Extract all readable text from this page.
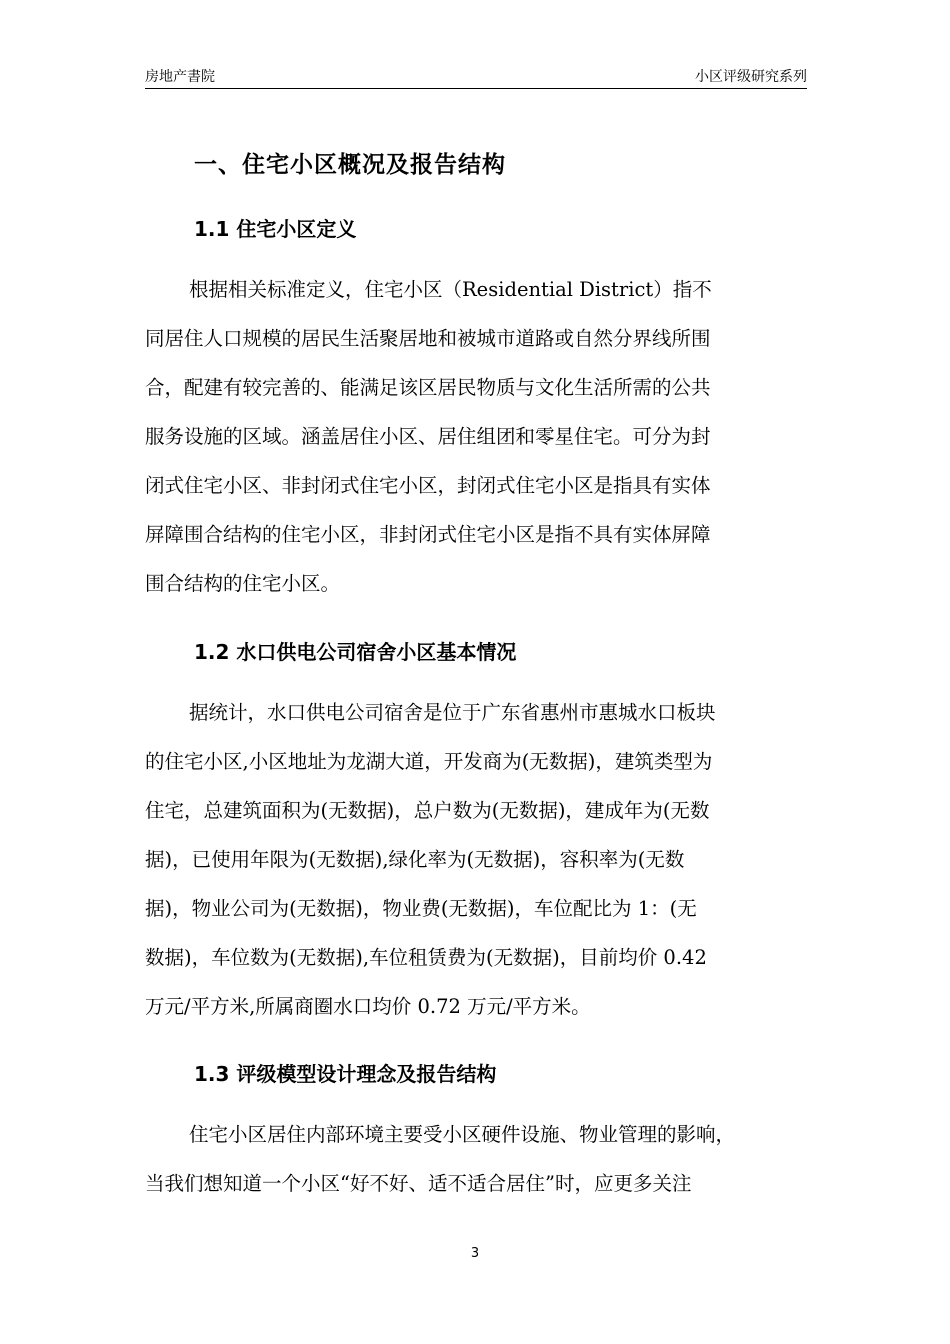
房地产書院	小区评级研究系列
一、住宅小区概况及报告结构
1.1 住宅小区定义
根据相关标准定义，住宅小区（Residential District）指不
同居住人口规模的居民生活聚居地和被城市道路或自然分界线所围
合，配建有较完善的、能满足该区居民物质与文化生活所需的公共
服务设施的区域。涵盖居住小区、居住组团和零星住宅。可分为封
闭式住宅小区、非封闭式住宅小区，封闭式住宅小区是指具有实体
屏障围合结构的住宅小区，非封闭式住宅小区是指不具有实体屏障
围合结构的住宅小区。
1.2 水口供电公司宿舍小区基本情况
据统计，水口供电公司宿舍是位于广东省惠州市惠城水口板块
的住宅小区,小区地址为龙湖大道，开发商为(无数据)，建筑类型为
住宅，总建筑面积为(无数据)，总户数为(无数据)，建成年为(无数
据)，已使用年限为(无数据),绿化率为(无数据)，容积率为(无数
据)，物业公司为(无数据)，物业费(无数据)，车位配比为 1：(无
数据)，车位数为(无数据),车位租赁费为(无数据)，目前均价 0.42
万元/平方米,所属商圈水口均价 0.72 万元/平方米。
1.3 评级模型设计理念及报告结构
住宅小区居住内部环境主要受小区硬件设施、物业管理的影响，
当我们想知道一个小区“好不好、适不适合居住”时，应更多关注
3
